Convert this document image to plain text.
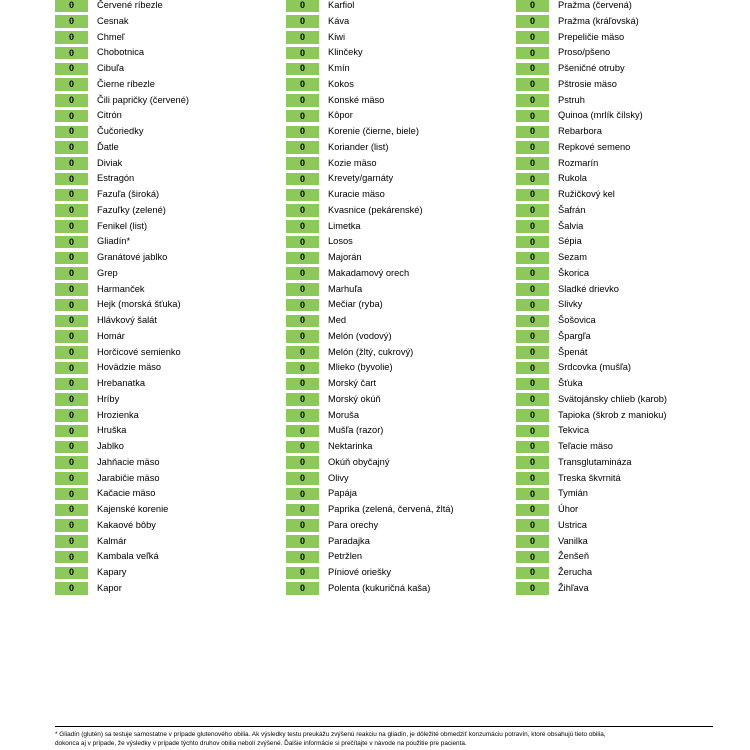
0	Červené ríbezle
0	Cesnak
0	Chmeľ
0	Chobotnica
0	Cibuľa
0	Čierne ríbezle
0	Čili papričky (červené)
0	Citrón
0	Čučoriedky
0	Ďatle
0	Diviak
0	Estragón
0	Fazuľa (široká)
0	Fazuľky (zelené)
0	Fenikel (list)
0	Gliadín*
0	Granátové jablko
0	Grep
0	Harmanček
0	Hejk (morská šťuka)
0	Hlávkový šalát
0	Homár
0	Horčicové semienko
0	Hovädzie mäso
0	Hrebanatka
0	Hríby
0	Hrozienka
0	Hruška
0	Jablko
0	Jahňacie mäso
0	Jarabičie mäso
0	Kačacie mäso
0	Kajenské korenie
0	Kakaové bôby
0	Kalmár
0	Kambala veľká
0	Kapary
0	Kapor
0	Karfiol
0	Káva
0	Kiwi
0	Klinčeky
0	Kmín
0	Kokos
0	Konské mäso
0	Kôpor
0	Korenie (čierne, biele)
0	Koriander (list)
0	Kozie mäso
0	Krevety/garnáty
0	Kuracie mäso
0	Kvasnice (pekárenské)
0	Limetka
0	Losos
0	Majorán
0	Makadamový orech
0	Marhuľa
0	Mečiar (ryba)
0	Med
0	Melón (vodový)
0	Melón (žltý, cukrový)
0	Mlieko (byvolie)
0	Morský čart
0	Morský okúň
0	Moruša
0	Mušľa (razor)
0	Nektarinka
0	Okúň obyčajný
0	Olivy
0	Papája
0	Paprika (zelená, červená, žltá)
0	Para orechy
0	Paradajka
0	Petržlen
0	Píniové oriešky
0	Polenta (kukuričná kaša)
0	Pražma (červená)
0	Pražma (kráľovská)
0	Prepeličie mäso
0	Proso/pšeno
0	Pšeničné otruby
0	Pštrosie mäso
0	Pstruh
0	Quinoa (mrlík čílsky)
0	Rebarbora
0	Repkové semeno
0	Rozmarín
0	Rukola
0	Ružičkový kel
0	Šafrán
0	Šalvia
0	Sépia
0	Sezam
0	Škorica
0	Sladké drievko
0	Slivky
0	Šošovica
0	Špargľa
0	Špenát
0	Srdcovka (mušľa)
0	Šťuka
0	Svätojánsky chlieb (karob)
0	Tapioka (škrob z manioku)
0	Tekvica
0	Teľacie mäso
0	Transglutamináza
0	Treska škvrnitá
0	Tymián
0	Úhor
0	Ustrica
0	Vanilka
0	Ženšeň
0	Žerucha
0	Žihľava
* Gliadín (glutén) sa testuje samostatne v prípade glutenového obilia. Ak výsledky testu preukážu zvýšenú reakciu na gliadín, je dôležité obmedziť konzumáciu potravín, ktoré obsahujú tieto obilia,
dokonca aj v prípade, že výsledky v prípade týchto druhov obilia nebolí zvýšené. Ďalšie informácie si prečítajte v návode na použitie pre pacienta.
